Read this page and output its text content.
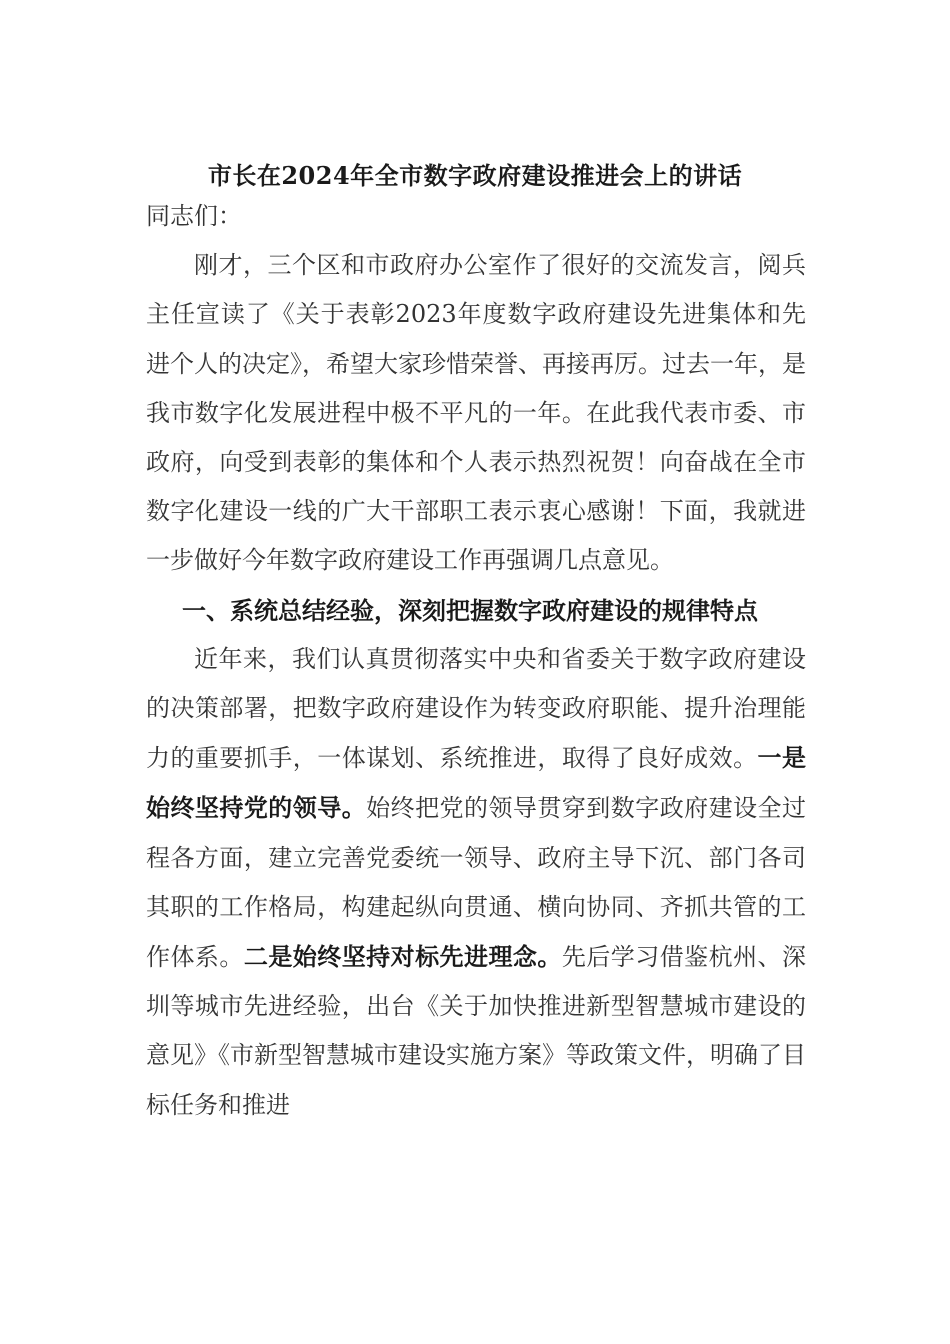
市长在2024年全市数字政府建设推进会上的讲话

同志们：

刚才，三个区和市政府办公室作了很好的交流发言，阅兵主任宣读了《关于表彰2023年度数字政府建设先进集体和先进个人的决定》，希望大家珍惜荣誉、再接再厉。过去一年，是我市数字化发展进程中极不平凡的一年。在此我代表市委、市政府，向受到表彰的集体和个人表示热烈祝贺！向奋战在全市数字化建设一线的广大干部职工表示衷心感谢！下面，我就进一步做好今年数字政府建设工作再强调几点意见。

一、系统总结经验，深刻把握数字政府建设的规律特点

近年来，我们认真贯彻落实中央和省委关于数字政府建设的决策部署，把数字政府建设作为转变政府职能、提升治理能力的重要抓手，一体谋划、系统推进，取得了良好成效。一是始终坚持党的领导。始终把党的领导贯穿到数字政府建设全过程各方面，建立完善党委统一领导、政府主导下沉、部门各司其职的工作格局，构建起纵向贯通、横向协同、齐抓共管的工作体系。二是始终坚持对标先进理念。先后学习借鉴杭州、深圳等城市先进经验，出台《关于加快推进新型智慧城市建设的意见》《市新型智慧城市建设实施方案》等政策文件，明确了目标任务和推进
